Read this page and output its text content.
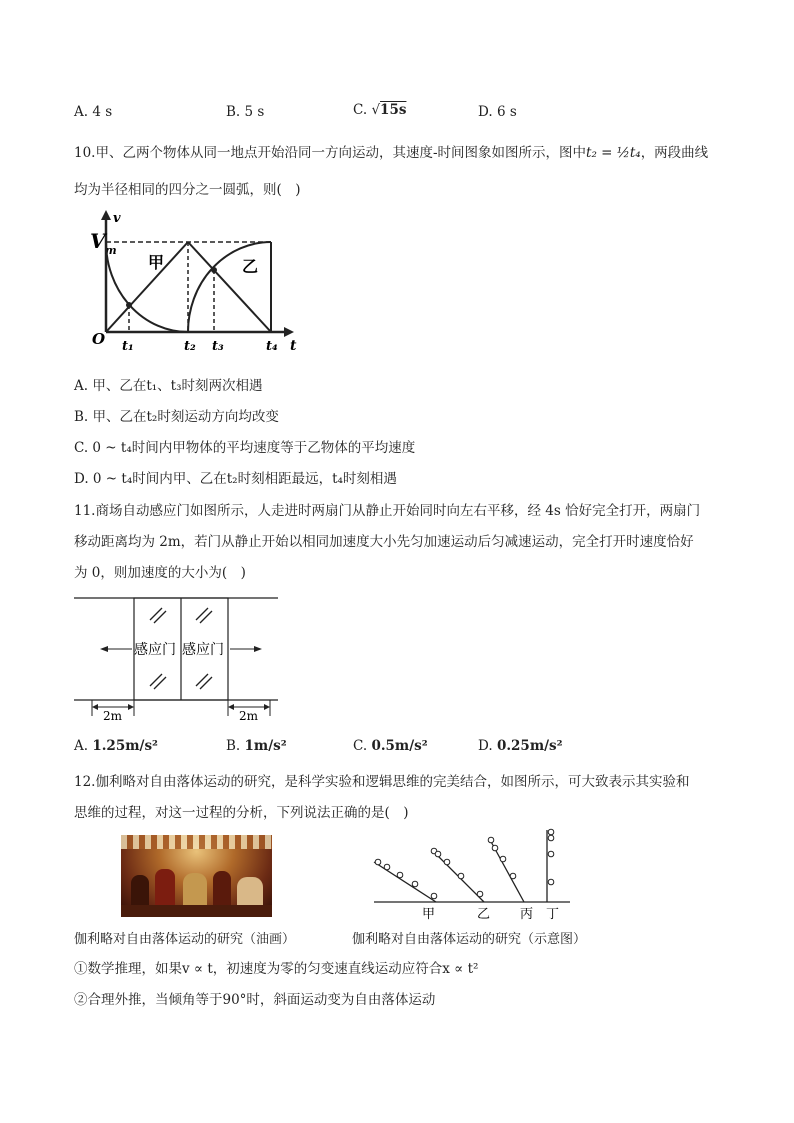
A. 4 s	B. 5 s	C. √15s	D. 6 s
10.甲、乙两个物体从同一地点开始沿同一方向运动，其速度-时间图象如图所示，图中t₂ = ½t₄，两段曲线
均为半径相同的四分之一圆弧，则(　)
v
t
V m
O
甲	乙
t₁	t₂ t₃	t₄
A. 甲、乙在t₁、t₃时刻两次相遇
B. 甲、乙在t₂时刻运动方向均改变
C. 0 ~ t₄时间内甲物体的平均速度等于乙物体的平均速度
D. 0 ~ t₄时间内甲、乙在t₂时刻相距最远，t₄时刻相遇
11.商场自动感应门如图所示，人走进时两扇门从静止开始同时向左右平移，经 4s 恰好完全打开，两扇门
移动距离均为 2m，若门从静止开始以相同加速度大小先匀加速运动后匀减速运动，完全打开时速度恰好
为 0，则加速度的大小为(　)
感应门 感应门
2m	2m
A. 1.25m/s²	B. 1m/s²	C. 0.5m/s²	D. 0.25m/s²
12.伽利略对自由落体运动的研究，是科学实验和逻辑思维的完美结合，如图所示，可大致表示其实验和
思维的过程，对这一过程的分析，下列说法正确的是(　)
甲	乙 丙 丁
伽利略对自由落体运动的研究（油画）	伽利略对自由落体运动的研究（示意图）
①数学推理，如果v ∝ t，初速度为零的匀变速直线运动应符合x ∝ t²
②合理外推，当倾角等于90°时，斜面运动变为自由落体运动
